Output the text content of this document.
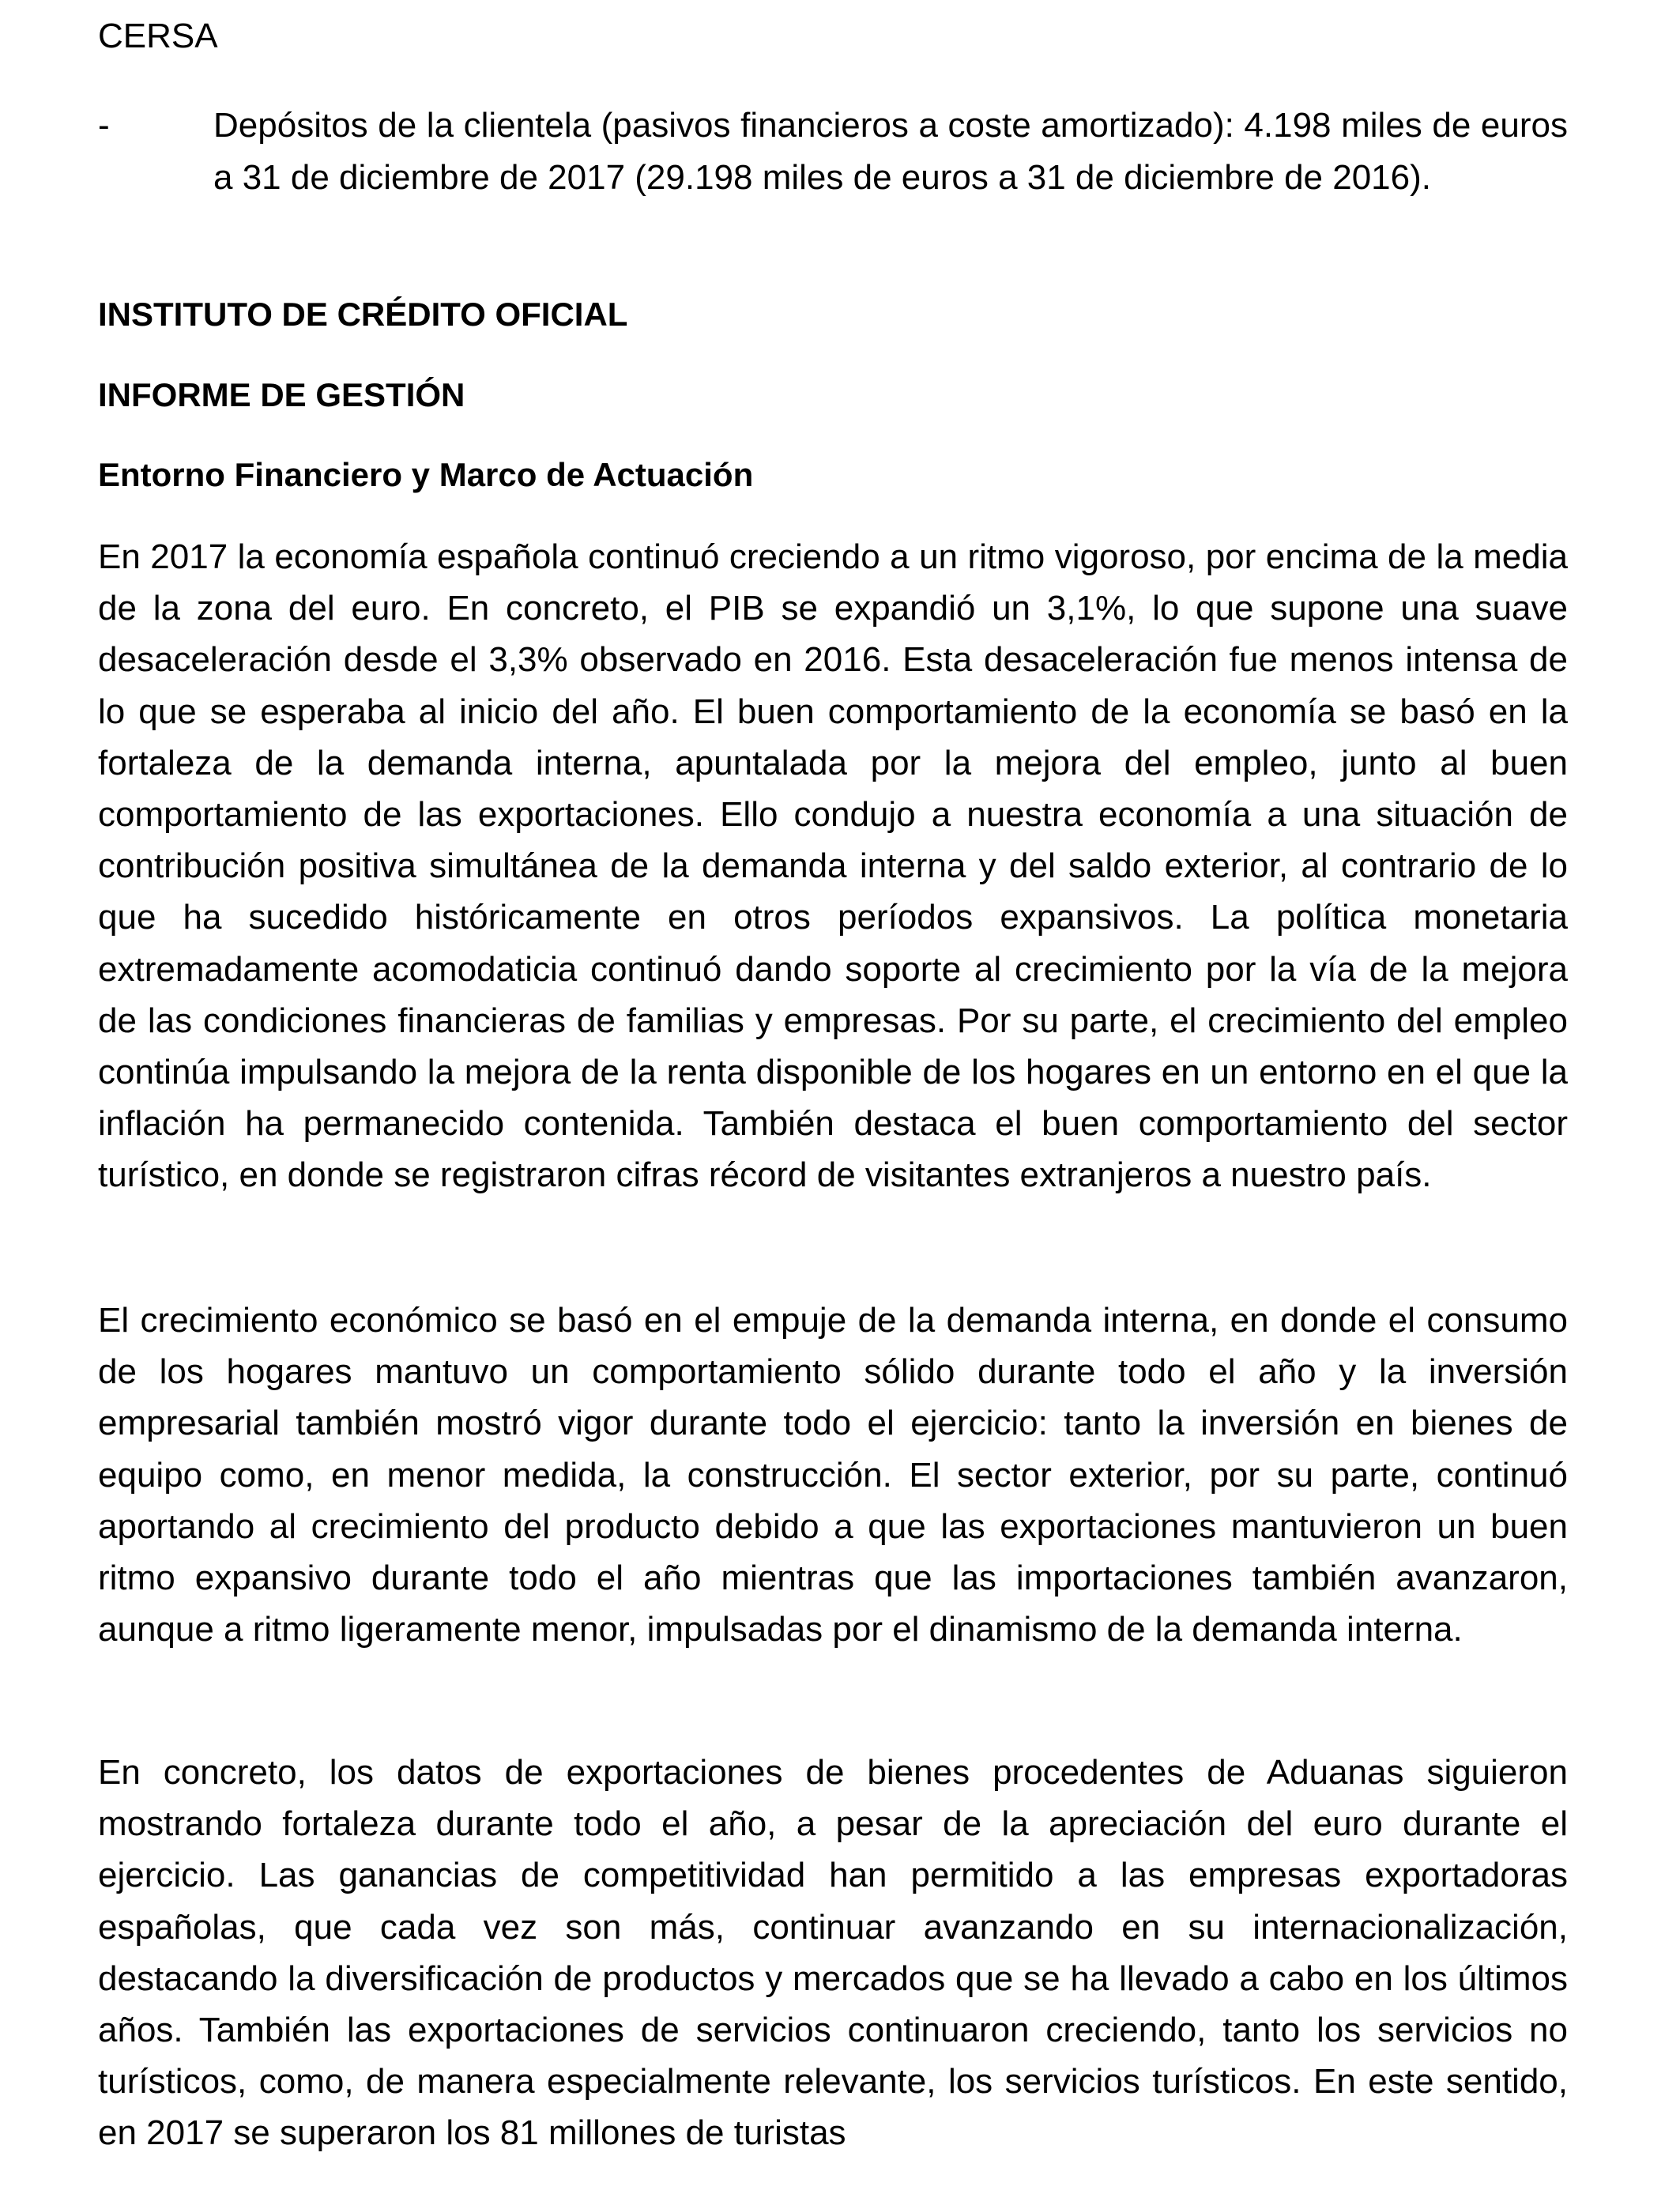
CERSA

-	Depósitos de la clientela (pasivos financieros a coste amortizado): 4.198 miles de euros a 31 de diciembre de 2017 (29.198 miles de euros a 31 de diciembre de 2016).

INSTITUTO DE CRÉDITO OFICIAL

INFORME DE GESTIÓN

Entorno Financiero y Marco de Actuación

En 2017 la economía española continuó creciendo a un ritmo vigoroso, por encima de la media de la zona del euro. En concreto, el PIB se expandió un 3,1%, lo que supone una suave desaceleración desde el 3,3% observado en 2016. Esta desaceleración fue menos intensa de lo que se esperaba al inicio del año. El buen comportamiento de la economía se basó en la fortaleza de la demanda interna, apuntalada por la mejora del empleo, junto al buen comportamiento de las exportaciones. Ello condujo a nuestra economía a una situación de contribución positiva simultánea de la demanda interna y del saldo exterior, al contrario de lo que ha sucedido históricamente en otros períodos expansivos. La política monetaria extremadamente acomodaticia continuó dando soporte al crecimiento por la vía de la mejora de las condiciones financieras de familias y empresas. Por su parte, el crecimiento del empleo continúa impulsando la mejora de la renta disponible de los hogares en un entorno en el que la inflación ha permanecido contenida. También destaca el buen comportamiento del sector turístico, en donde se registraron cifras récord de visitantes extranjeros a nuestro país.

El crecimiento económico se basó en el empuje de la demanda interna, en donde el consumo de los hogares mantuvo un comportamiento sólido durante todo el año y la inversión empresarial también mostró vigor durante todo el ejercicio: tanto la inversión en bienes de equipo como, en menor medida, la construcción. El sector exterior, por su parte, continuó aportando al crecimiento del producto debido a que las exportaciones mantuvieron un buen ritmo expansivo durante todo el año mientras que las importaciones también avanzaron, aunque a ritmo ligeramente menor, impulsadas por el dinamismo de la demanda interna.

En concreto, los datos de exportaciones de bienes procedentes de Aduanas siguieron mostrando fortaleza durante todo el año, a pesar de la apreciación del euro durante el ejercicio. Las ganancias de competitividad han permitido a las empresas exportadoras españolas, que cada vez son más, continuar avanzando en su internacionalización, destacando la diversificación de productos y mercados que se ha llevado a cabo en los últimos años. También las exportaciones de servicios continuaron creciendo, tanto los servicios no turísticos, como, de manera especialmente relevante, los servicios turísticos. En este sentido, en 2017 se superaron los 81 millones de turistas
